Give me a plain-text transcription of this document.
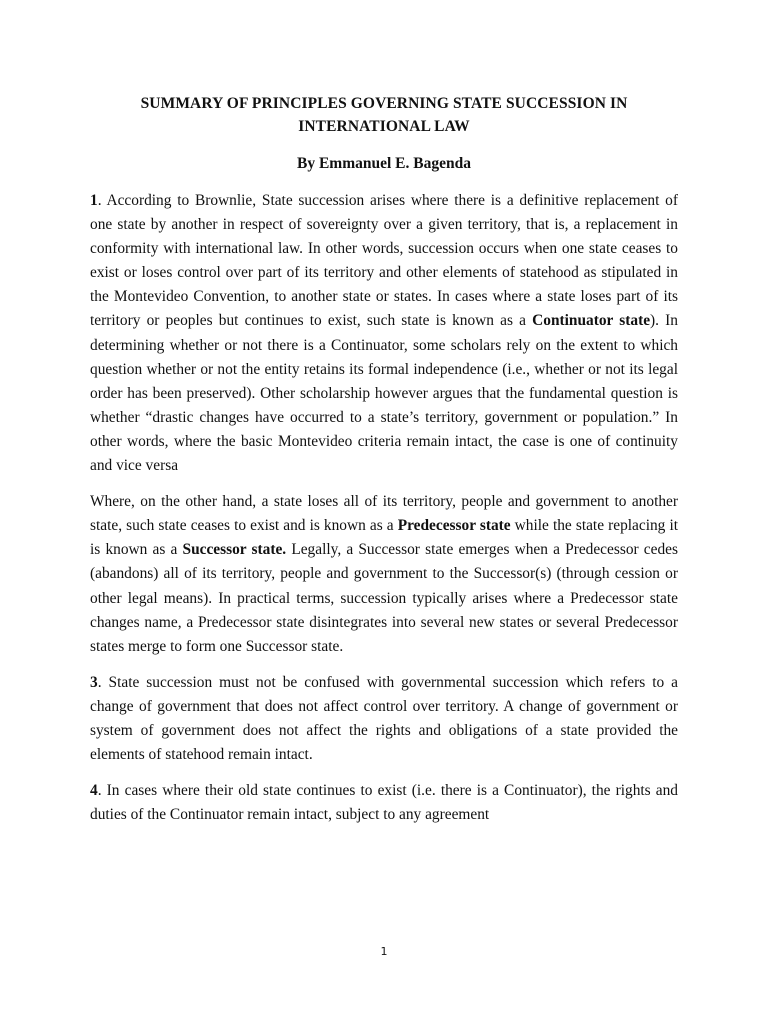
SUMMARY OF PRINCIPLES GOVERNING STATE SUCCESSION IN INTERNATIONAL LAW
By Emmanuel E. Bagenda
1. According to Brownlie, State succession arises where there is a definitive replacement of one state by another in respect of sovereignty over a given territory, that is, a replacement in conformity with international law. In other words, succession occurs when one state ceases to exist or loses control over part of its territory and other elements of statehood as stipulated in the Montevideo Convention, to another state or states. In cases where a state loses part of its territory or peoples but continues to exist, such state is known as a Continuator state). In determining whether or not there is a Continuator, some scholars rely on the extent to which question whether or not the entity retains its formal independence (i.e., whether or not its legal order has been preserved). Other scholarship however argues that the fundamental question is whether “drastic changes have occurred to a state’s territory, government or population.” In other words, where the basic Montevideo criteria remain intact, the case is one of continuity and vice versa
Where, on the other hand, a state loses all of its territory, people and government to another state, such state ceases to exist and is known as a Predecessor state while the state replacing it is known as a Successor state. Legally, a Successor state emerges when a Predecessor cedes (abandons) all of its territory, people and government to the Successor(s) (through cession or other legal means). In practical terms, succession typically arises where a Predecessor state changes name, a Predecessor state disintegrates into several new states or several Predecessor states merge to form one Successor state.
3. State succession must not be confused with governmental succession which refers to a change of government that does not affect control over territory. A change of government or system of government does not affect the rights and obligations of a state provided the elements of statehood remain intact.
4. In cases where their old state continues to exist (i.e. there is a Continuator), the rights and duties of the Continuator remain intact, subject to any agreement
1
